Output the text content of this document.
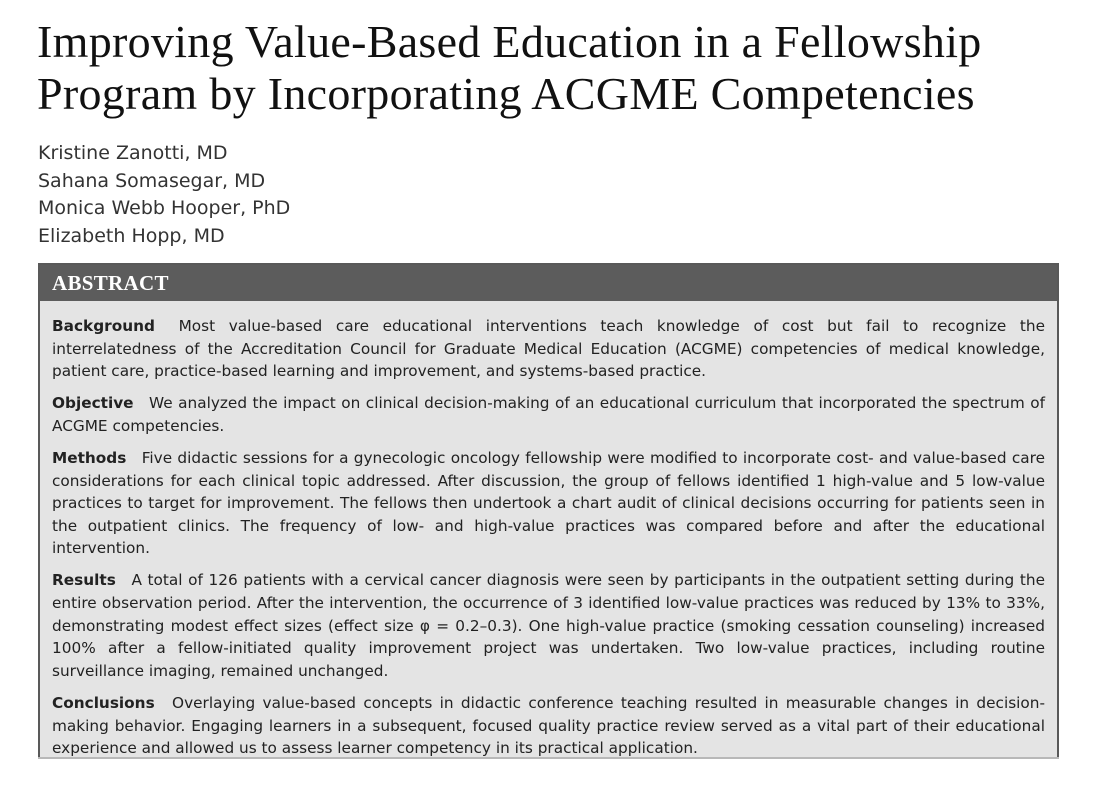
Improving Value-Based Education in a Fellowship Program by Incorporating ACGME Competencies
Kristine Zanotti, MD
Sahana Somasegar, MD
Monica Webb Hooper, PhD
Elizabeth Hopp, MD
ABSTRACT

Background Most value-based care educational interventions teach knowledge of cost but fail to recognize the interrelatedness of the Accreditation Council for Graduate Medical Education (ACGME) competencies of medical knowledge, patient care, practice-based learning and improvement, and systems-based practice.

Objective We analyzed the impact on clinical decision-making of an educational curriculum that incorporated the spectrum of ACGME competencies.

Methods Five didactic sessions for a gynecologic oncology fellowship were modified to incorporate cost- and value-based care considerations for each clinical topic addressed. After discussion, the group of fellows identified 1 high-value and 5 low-value practices to target for improvement. The fellows then undertook a chart audit of clinical decisions occurring for patients seen in the outpatient clinics. The frequency of low- and high-value practices was compared before and after the educational intervention.

Results A total of 126 patients with a cervical cancer diagnosis were seen by participants in the outpatient setting during the entire observation period. After the intervention, the occurrence of 3 identified low-value practices was reduced by 13% to 33%, demonstrating modest effect sizes (effect size φ = 0.2–0.3). One high-value practice (smoking cessation counseling) increased 100% after a fellow-initiated quality improvement project was undertaken. Two low-value practices, including routine surveillance imaging, remained unchanged.

Conclusions Overlaying value-based concepts in didactic conference teaching resulted in measurable changes in decision-making behavior. Engaging learners in a subsequent, focused quality practice review served as a vital part of their educational experience and allowed us to assess learner competency in its practical application.
